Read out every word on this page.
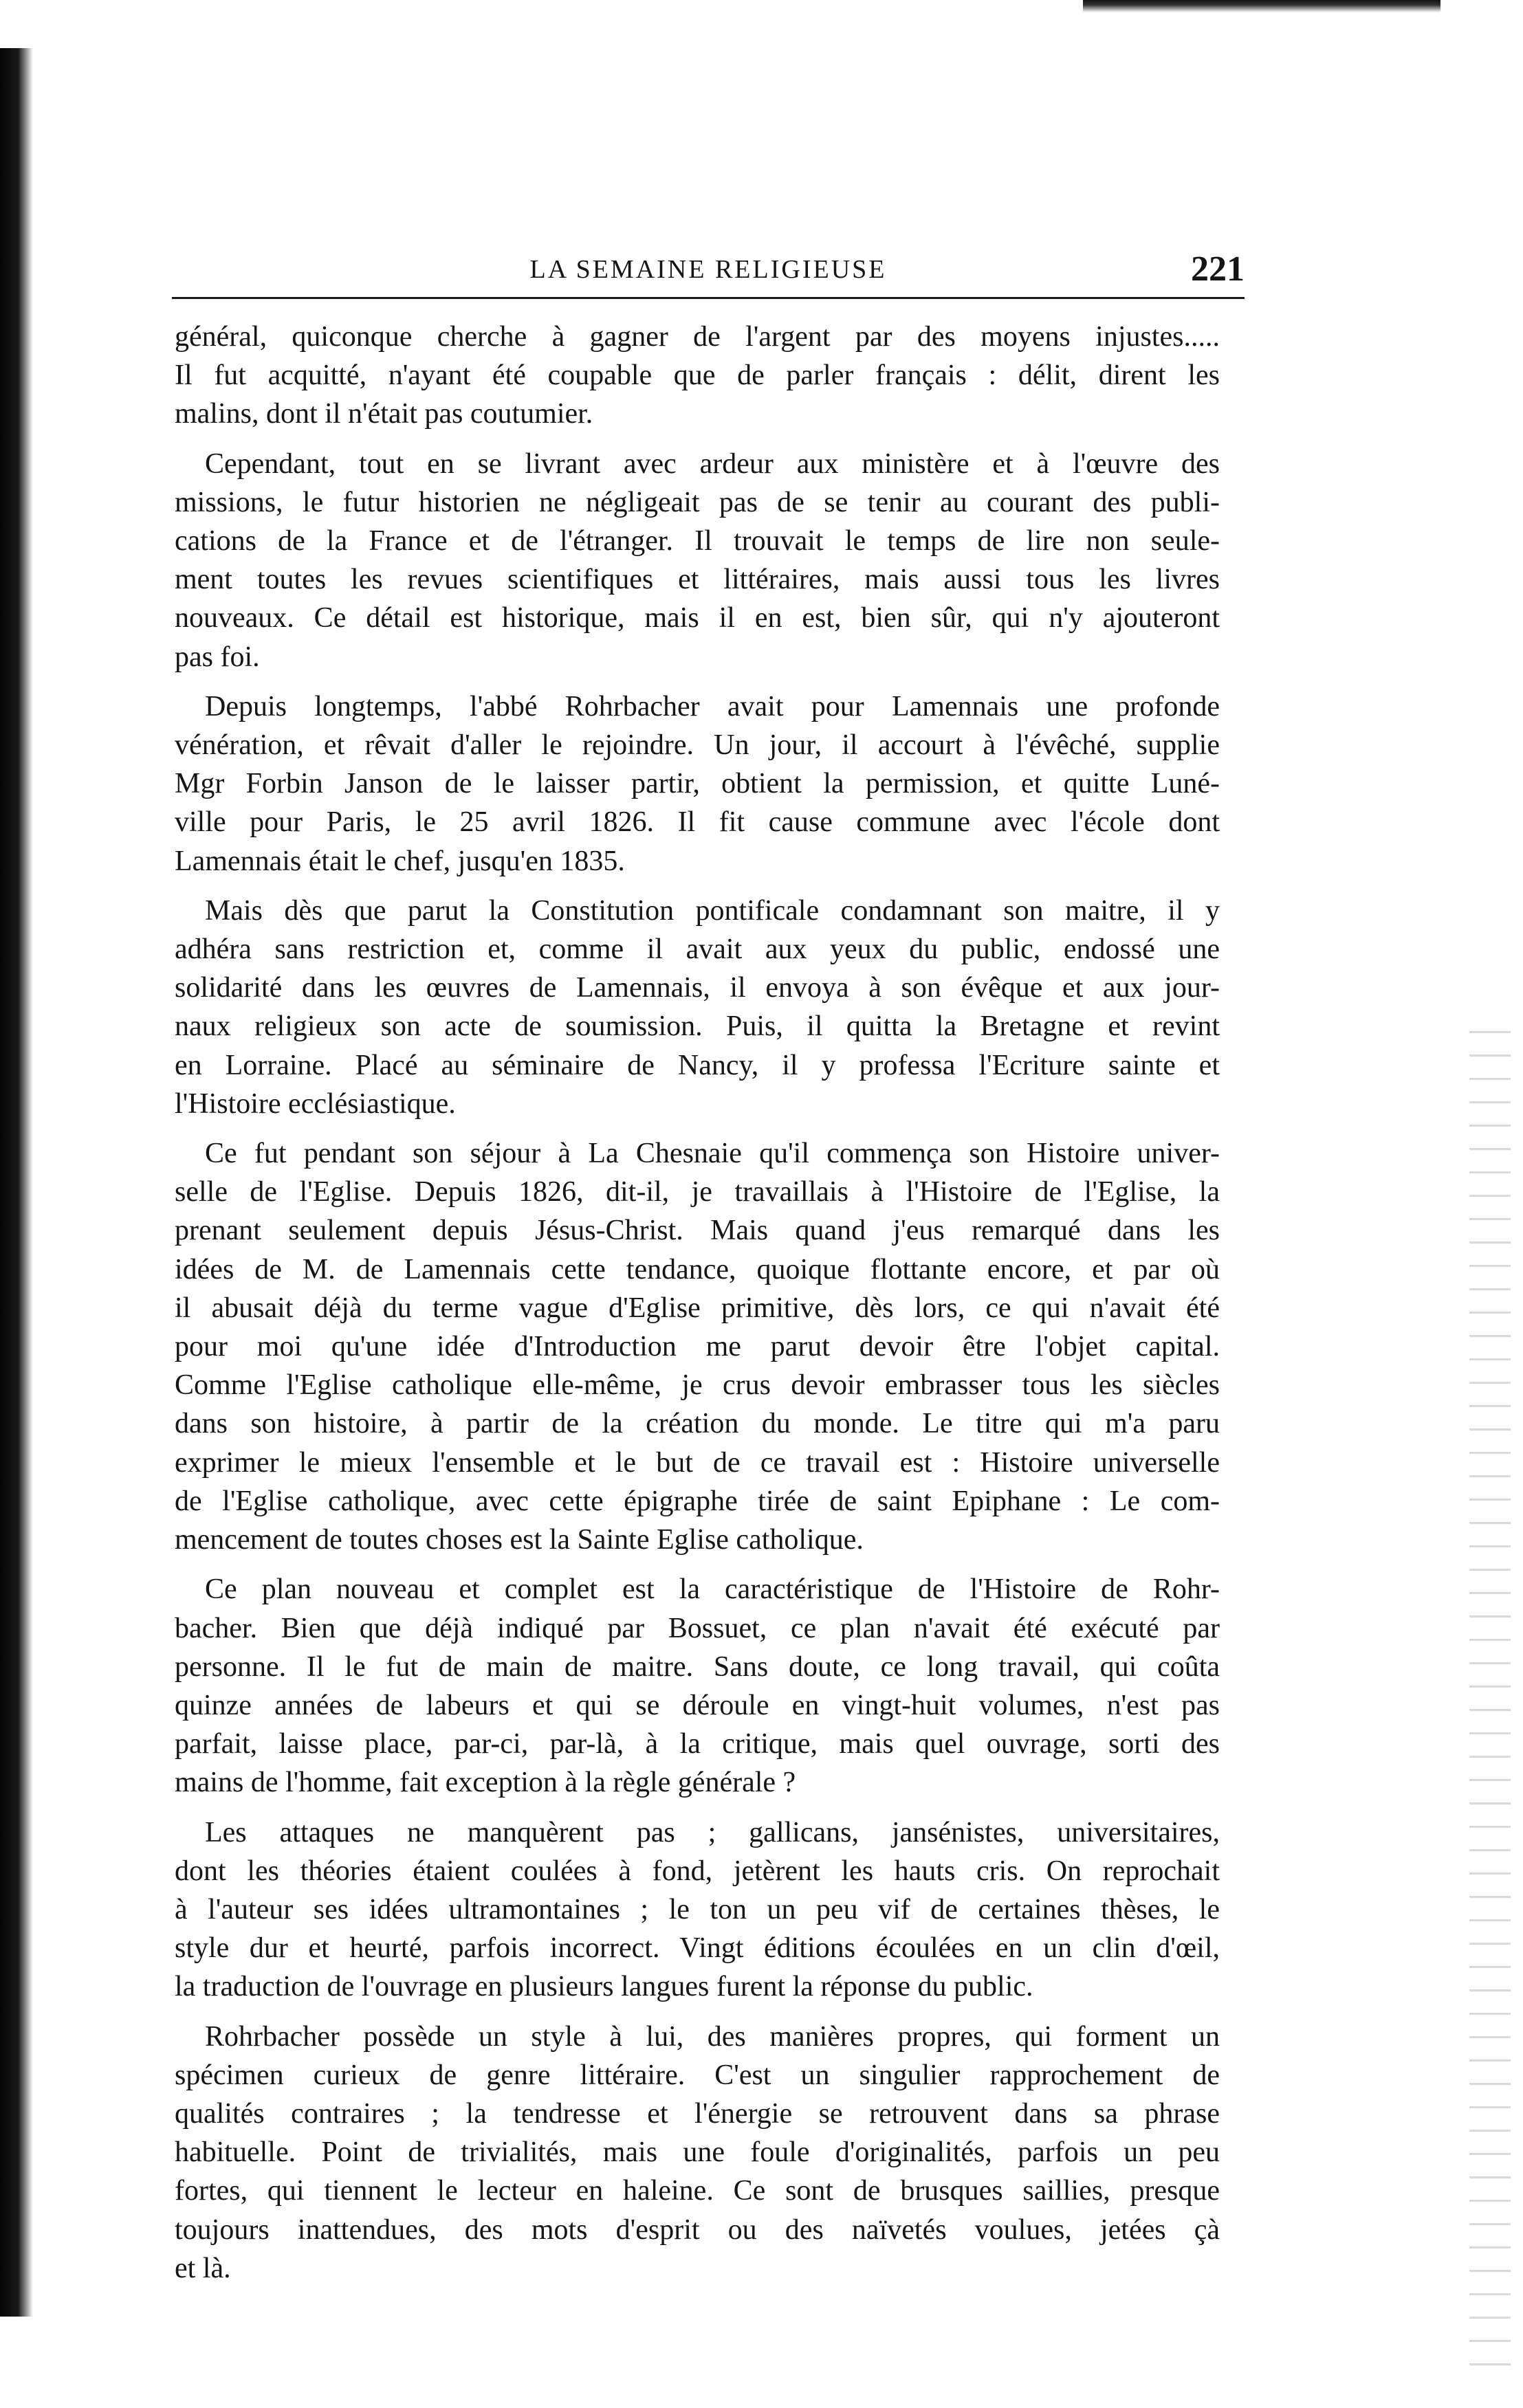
LA SEMAINE RELIGIEUSE	221

général, quiconque cherche à gagner de l'argent par des moyens injustes.....
Il fut acquitté, n'ayant été coupable que de parler français : délit, dirent les
malins, dont il n'était pas coutumier.

Cependant, tout en se livrant avec ardeur aux ministère et à l'œuvre des
missions, le futur historien ne négligeait pas de se tenir au courant des publi-
cations de la France et de l'étranger. Il trouvait le temps de lire non seule-
ment toutes les revues scientifiques et littéraires, mais aussi tous les livres
nouveaux. Ce détail est historique, mais il en est, bien sûr, qui n'y ajouteront
pas foi.

Depuis longtemps, l'abbé Rohrbacher avait pour Lamennais une profonde
vénération, et rêvait d'aller le rejoindre. Un jour, il accourt à l'évêché, supplie
Mgr Forbin Janson de le laisser partir, obtient la permission, et quitte Luné-
ville pour Paris, le 25 avril 1826. Il fit cause commune avec l'école dont
Lamennais était le chef, jusqu'en 1835.

Mais dès que parut la Constitution pontificale condamnant son maitre, il y
adhéra sans restriction et, comme il avait aux yeux du public, endossé une
solidarité dans les œuvres de Lamennais, il envoya à son évêque et aux jour-
naux religieux son acte de soumission. Puis, il quitta la Bretagne et revint
en Lorraine. Placé au séminaire de Nancy, il y professa l'Ecriture sainte et
l'Histoire ecclésiastique.

Ce fut pendant son séjour à La Chesnaie qu'il commença son Histoire univer-
selle de l'Eglise. Depuis 1826, dit-il, je travaillais à l'Histoire de l'Eglise, la
prenant seulement depuis Jésus-Christ. Mais quand j'eus remarqué dans les
idées de M. de Lamennais cette tendance, quoique flottante encore, et par où
il abusait déjà du terme vague d'Eglise primitive, dès lors, ce qui n'avait été
pour moi qu'une idée d'Introduction me parut devoir être l'objet capital.
Comme l'Eglise catholique elle-même, je crus devoir embrasser tous les siècles
dans son histoire, à partir de la création du monde. Le titre qui m'a paru
exprimer le mieux l'ensemble et le but de ce travail est : Histoire universelle
de l'Eglise catholique, avec cette épigraphe tirée de saint Epiphane : Le com-
mencement de toutes choses est la Sainte Eglise catholique.

Ce plan nouveau et complet est la caractéristique de l'Histoire de Rohr-
bacher. Bien que déjà indiqué par Bossuet, ce plan n'avait été exécuté par
personne. Il le fut de main de maitre. Sans doute, ce long travail, qui coûta
quinze années de labeurs et qui se déroule en vingt-huit volumes, n'est pas
parfait, laisse place, par-ci, par-là, à la critique, mais quel ouvrage, sorti des
mains de l'homme, fait exception à la règle générale ?

Les attaques ne manquèrent pas ; gallicans, jansénistes, universitaires,
dont les théories étaient coulées à fond, jetèrent les hauts cris. On reprochait
à l'auteur ses idées ultramontaines ; le ton un peu vif de certaines thèses, le
style dur et heurté, parfois incorrect. Vingt éditions écoulées en un clin d'œil,
la traduction de l'ouvrage en plusieurs langues furent la réponse du public.

Rohrbacher possède un style à lui, des manières propres, qui forment un
spécimen curieux de genre littéraire. C'est un singulier rapprochement de
qualités contraires ; la tendresse et l'énergie se retrouvent dans sa phrase
habituelle. Point de trivialités, mais une foule d'originalités, parfois un peu
fortes, qui tiennent le lecteur en haleine. Ce sont de brusques saillies, presque
toujours inattendues, des mots d'esprit ou des naïvetés voulues, jetées çà
et là.
